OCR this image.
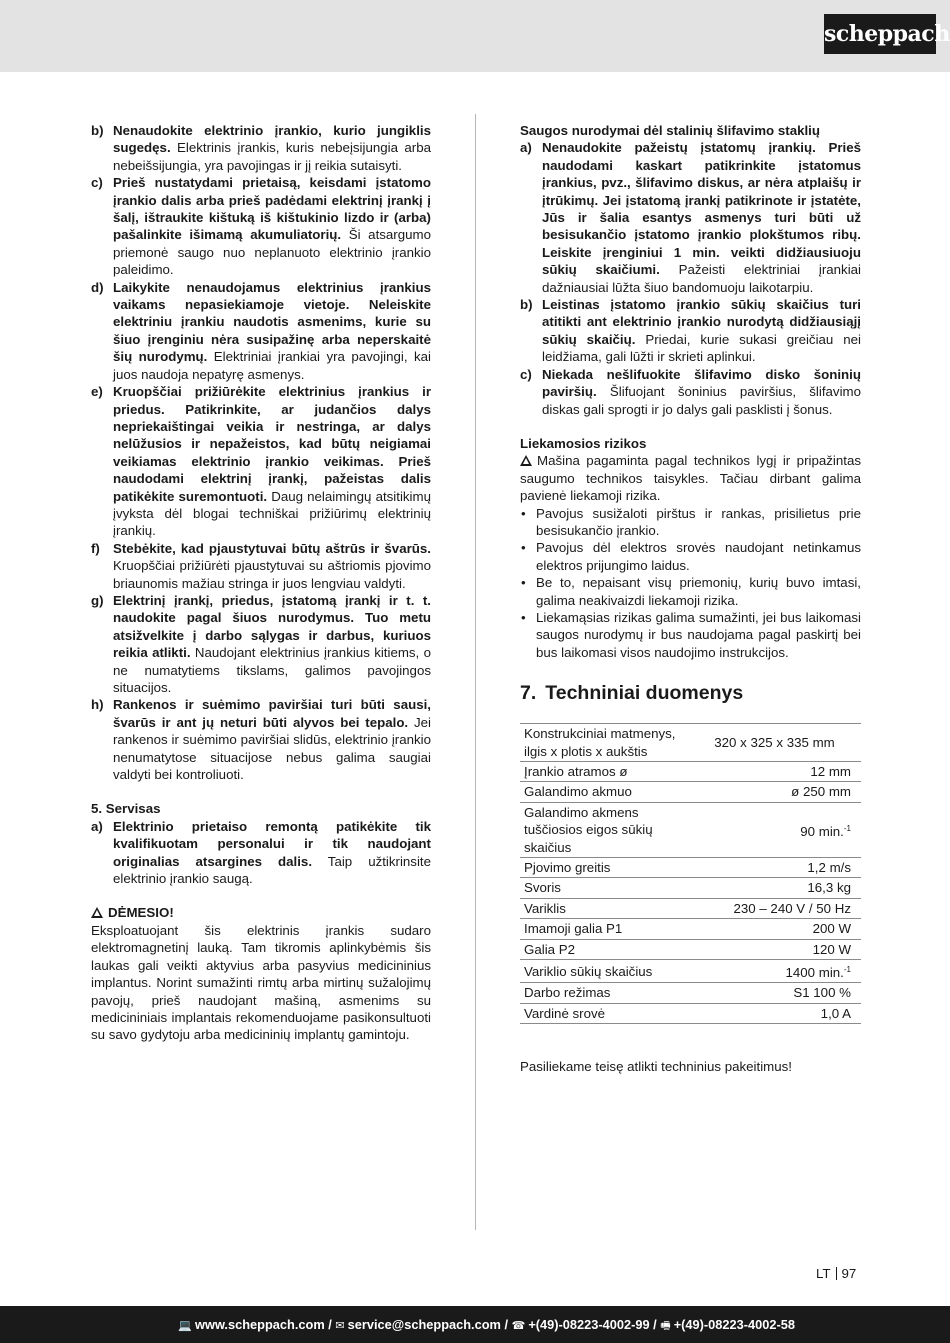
scheppach
b) Nenaudokite elektrinio įrankio, kurio jungiklis sugedęs. Elektrinis įrankis, kuris nebeįsijungia arba nebeišsijungia, yra pavojingas ir jį reikia sutaisyti.
c) Prieš nustatydami prietaisą, keisdami įstatomo įrankio dalis arba prieš padėdami elektrinį įrankį į šalį, ištraukite kištuką iš kištukinio lizdo ir (arba) pašalinkite išimamą akumuliatorių. Ši atsargumo priemonė saugo nuo neplanuoto elektrinio įrankio paleidimo.
d) Laikykite nenaudojamus elektrinius įrankius vaikams nepasiekiamoje vietoje. Neleiskite elektriniu įrankiu naudotis asmenims, kurie su šiuo įrenginiu nėra susipažinę arba neperskaitė šių nurodymų. Elektriniai įrankiai yra pavojingi, kai juos naudoja nepatyrę asmenys.
e) Kruopščiai prižiūrėkite elektrinius įrankius ir priedus. Patikrinkite, ar judančios dalys nepriekaištingai veikia ir nestringa, ar dalys nelūžusios ir nepažeistos, kad būtų neigiamai veikiamas elektrinio įrankio veikimas. Prieš naudodami elektrinį įrankį, pažeistas dalis patikėkite suremontuoti. Daug nelaimingų atsitikimų įvyksta dėl blogai techniškai prižiūrimų elektrinių įrankių.
f) Stebėkite, kad pjaustytuvai būtų aštrūs ir švarūs. Kruopščiai prižiūrėti pjaustytuvai su aštriomis pjovimo briaunomis mažiau stringa ir juos lengviau valdyti.
g) Elektrinį įrankį, priedus, įstatomą įrankį ir t. t. naudokite pagal šiuos nurodymus. Tuo metu atsižvelkite į darbo sąlygas ir darbus, kuriuos reikia atlikti. Naudojant elektrinius įrankius kitiems, o ne numatytiems tikslams, galimos pavojingos situacijos.
h) Rankenos ir suėmimo paviršiai turi būti sausi, švarūs ir ant jų neturi būti alyvos bei tepalo. Jei rankenos ir suėmimo paviršiai slidūs, elektrinio įrankio nenumatytose situacijose nebus galima saugiai valdyti bei kontroliuoti.
5. Servisas
a) Elektrinio prietaiso remontą patikėkite tik kvalifikuotam personalui ir tik naudojant originalias atsargines dalis. Taip užtikrinsite elektrinio įrankio saugą.
DĖMESIO!
Eksploatuojant šis elektrinis įrankis sudaro elektromagnetinį lauką. Tam tikromis aplinkybėmis šis laukas gali veikti aktyvius arba pasyvius medicininius implantus. Norint sumažinti rimtų arba mirtinų sužalojimų pavojų, prieš naudojant mašiną, asmenims su medicininiais implantais rekomenduojame pasikonsultuoti su savo gydytoju arba medicininių implantų gamintoju.
Saugos nurodymai dėl stalinių šlifavimo staklių
a) Nenaudokite pažeistų įstatomų įrankių. Prieš naudodami kaskart patikrinkite įstatomus įrankius, pvz., šlifavimo diskus, ar nėra atplaišų ir įtrūkimų. Jei įstatomą įrankį patikrinote ir įstatėte, Jūs ir šalia esantys asmenys turi būti už besisukančio įstatomo įrankio plokštumos ribų. Leiskite įrenginiui 1 min. veikti didžiausiuoju sūkių skaičiumi. Pažeisti elektriniai įrankiai dažniausiai lūžta šiuo bandomuoju laikotarpiu.
b) Leistinas įstatomo įrankio sūkių skaičius turi atitikti ant elektrinio įrankio nurodytą didžiausiąjį sūkių skaičių. Priedai, kurie sukasi greičiau nei leidžiama, gali lūžti ir skrieti aplinkui.
c) Niekada nešlifuokite šlifavimo disko šoninių paviršių. Šlifuojant šoninius paviršius, šlifavimo diskas gali sprogti ir jo dalys gali pasklisti į šonus.
Liekamosios rizikos
Mašina pagaminta pagal technikos lygį ir pripažintas saugumo technikos taisykles. Tačiau dirbant galima pavienė liekamoji rizika.
• Pavojus susižaloti pirštus ir rankas, prisilietus prie besisukančio įrankio.
• Pavojus dėl elektros srovės naudojant netinkamus elektros prijungimo laidus.
• Be to, nepaisant visų priemonių, kurių buvo imtasi, galima neakivaizdi liekamoji rizika.
• Liekamąsias rizikas galima sumažinti, jei bus laikomasi saugos nurodymų ir bus naudojama pagal paskirtį bei bus laikomasi visos naudojimo instrukcijos.
7. Techniniai duomenys
Konstrukciniai matmenys, ilgis x plotis x aukštis	320 x 325 x 335 mm
Įrankio atramos ø	12 mm
Galandimo akmuo	ø 250 mm
Galandimo akmens tuščiosios eigos sūkių skaičius	90 min.$^{-1}$
Pjovimo greitis	1,2 m/s
Svoris	16,3 kg
Variklis	230 – 240 V / 50 Hz
Imamoji galia P1	200 W
Galia P2	120 W
Variklio sūkių skaičius	1400 min.$^{-1}$
Darbo režimas	S1 100 %
Vardinė srovė	1,0 A
Pasiliekame teisę atlikti techninius pakeitimus!
LT 97
💻 www.scheppach.com / ✉ service@scheppach.com / ☎ +(49)-08223-4002-99 / 🖷 +(49)-08223-4002-58
